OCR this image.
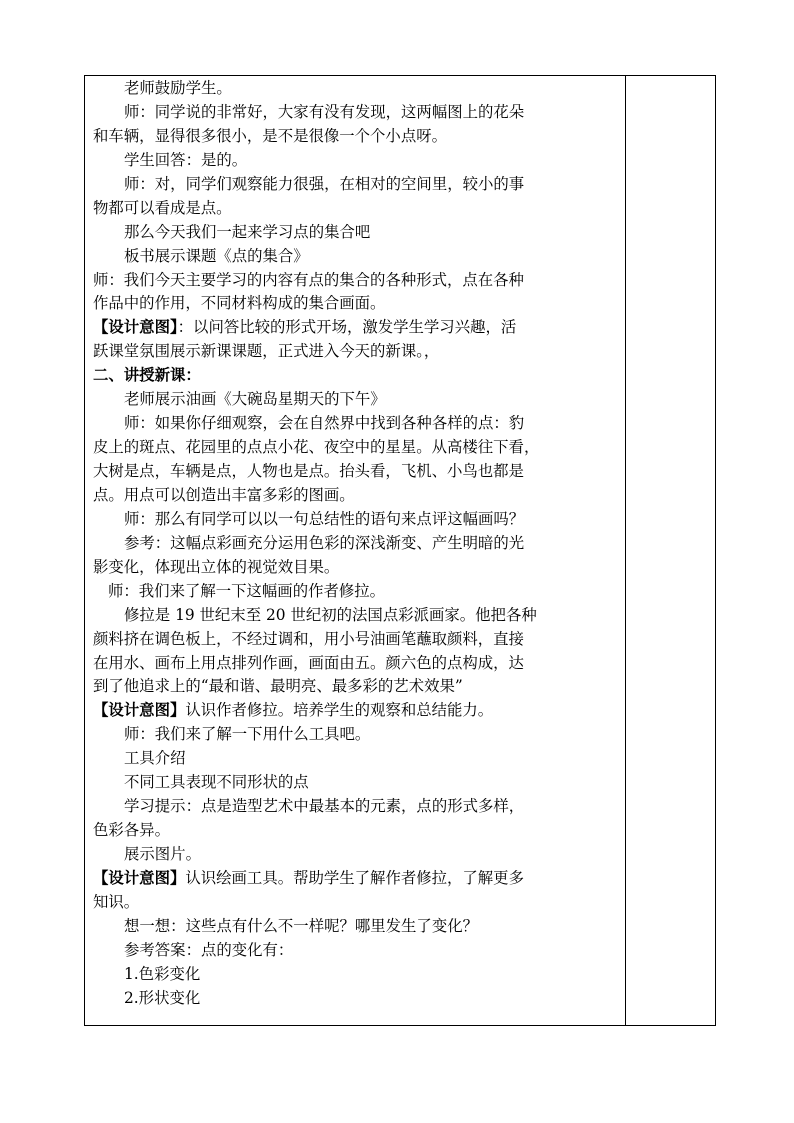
老师鼓励学生。
师：同学说的非常好，大家有没有发现，这两幅图上的花朵
和车辆，显得很多很小，是不是很像一个个小点呀。
学生回答：是的。
师：对，同学们观察能力很强，在相对的空间里，较小的事
物都可以看成是点。
那么今天我们一起来学习点的集合吧
板书展示课题《点的集合》
师：我们今天主要学习的内容有点的集合的各种形式，点在各种
作品中的作用，不同材料构成的集合画面。
【设计意图】：以问答比较的形式开场，激发学生学习兴趣，活
跃课堂氛围展示新课课题，正式进入今天的新课。，
二、讲授新课：
老师展示油画《大碗岛星期天的下午》
师：如果你仔细观察，会在自然界中找到各种各样的点：豹
皮上的斑点、花园里的点点小花、夜空中的星星。从高楼往下看，
大树是点，车辆是点，人物也是点。抬头看，飞机、小鸟也都是
点。用点可以创造出丰富多彩的图画。
师：那么有同学可以以一句总结性的语句来点评这幅画吗？
参考：这幅点彩画充分运用色彩的深浅渐变、产生明暗的光
影变化，体现出立体的视觉效目果。
师：我们来了解一下这幅画的作者修拉。
修拉是 19 世纪末至 20 世纪初的法国点彩派画家。他把各种
颜料挤在调色板上，不经过调和，用小号油画笔蘸取颜料，直接
在用水、画布上用点排列作画，画面由五。颜六色的点构成，达
到了他追求上的“最和谐、最明亮、最多彩的艺术效果”
【设计意图】认识作者修拉。培养学生的观察和总结能力。
师：我们来了解一下用什么工具吧。
工具介绍
不同工具表现不同形状的点
学习提示：点是造型艺术中最基本的元素，点的形式多样，
色彩各异。
展示图片。
【设计意图】认识绘画工具。帮助学生了解作者修拉，了解更多
知识。
想一想：这些点有什么不一样呢？哪里发生了变化？
参考答案：点的变化有：
1.色彩变化
2.形状变化
